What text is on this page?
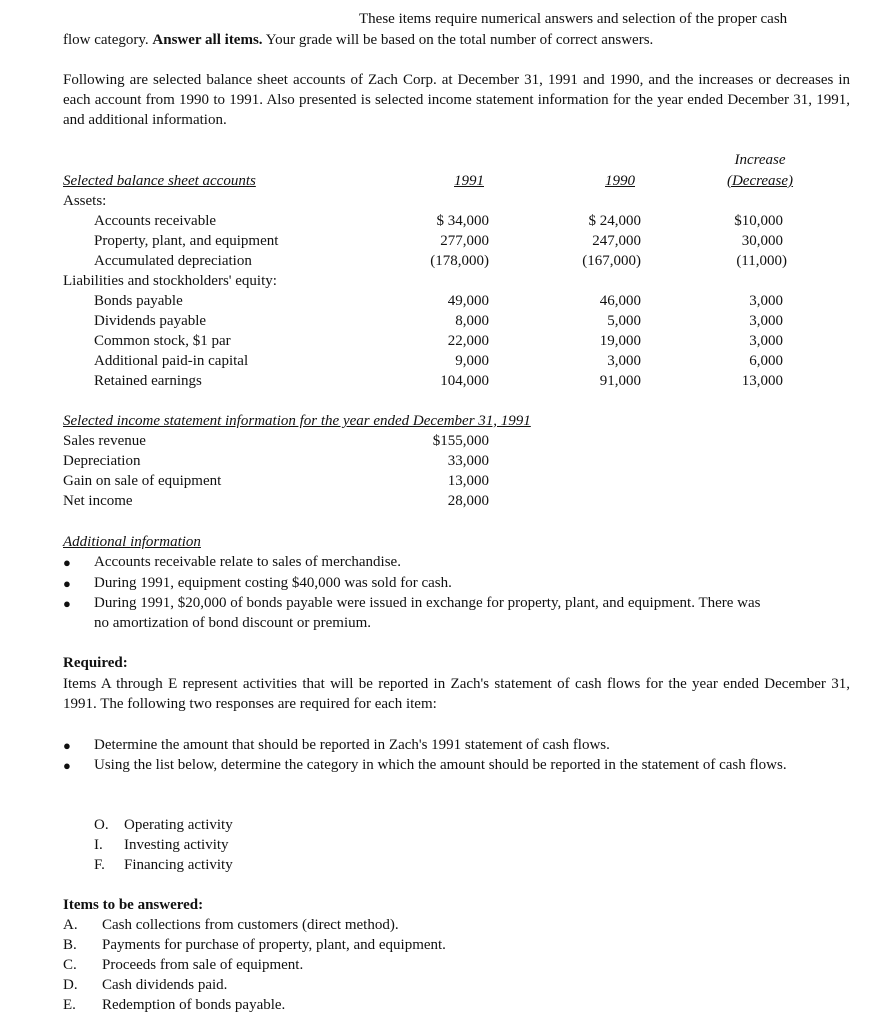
These items require numerical answers and selection of the proper cash
flow category. Answer all items. Your grade will be based on the total number of correct answers.
Following are selected balance sheet accounts of Zach Corp. at December 31, 1991 and 1990, and the increases or decreases in each account from 1990 to 1991. Also presented is selected income statement information for the year ended December 31, 1991, and additional information.
Increase
Selected balance sheet accounts	1991	1990	(Decrease)
Assets:
Accounts receivable	$ 34,000	$ 24,000	$10,000
Property, plant, and equipment	277,000	247,000	30,000
Accumulated depreciation	(178,000)	(167,000)	(11,000)
Liabilities and stockholders' equity:
Bonds payable	49,000	46,000	3,000
Dividends payable	8,000	5,000	3,000
Common stock, $1 par	22,000	19,000	3,000
Additional paid-in capital	9,000	3,000	6,000
Retained earnings	104,000	91,000	13,000
Selected income statement information for the year ended December 31, 1991
Sales revenue	$155,000
Depreciation	33,000
Gain on sale of equipment	13,000
Net income	28,000
Additional information
● Accounts receivable relate to sales of merchandise.
● During 1991, equipment costing $40,000 was sold for cash.
● During 1991, $20,000 of bonds payable were issued in exchange for property, plant, and equipment. There was
no amortization of bond discount or premium.
Required:
Items A through E represent activities that will be reported in Zach's statement of cash flows for the year ended December 31, 1991. The following two responses are required for each item:
● Determine the amount that should be reported in Zach's 1991 statement of cash flows.
● Using the list below, determine the category in which the amount should be reported in the statement of cash flows.
O. Operating activity
I. Investing activity
F. Financing activity
Items to be answered:
A. Cash collections from customers (direct method).
B. Payments for purchase of property, plant, and equipment.
C. Proceeds from sale of equipment.
D. Cash dividends paid.
E. Redemption of bonds payable.
